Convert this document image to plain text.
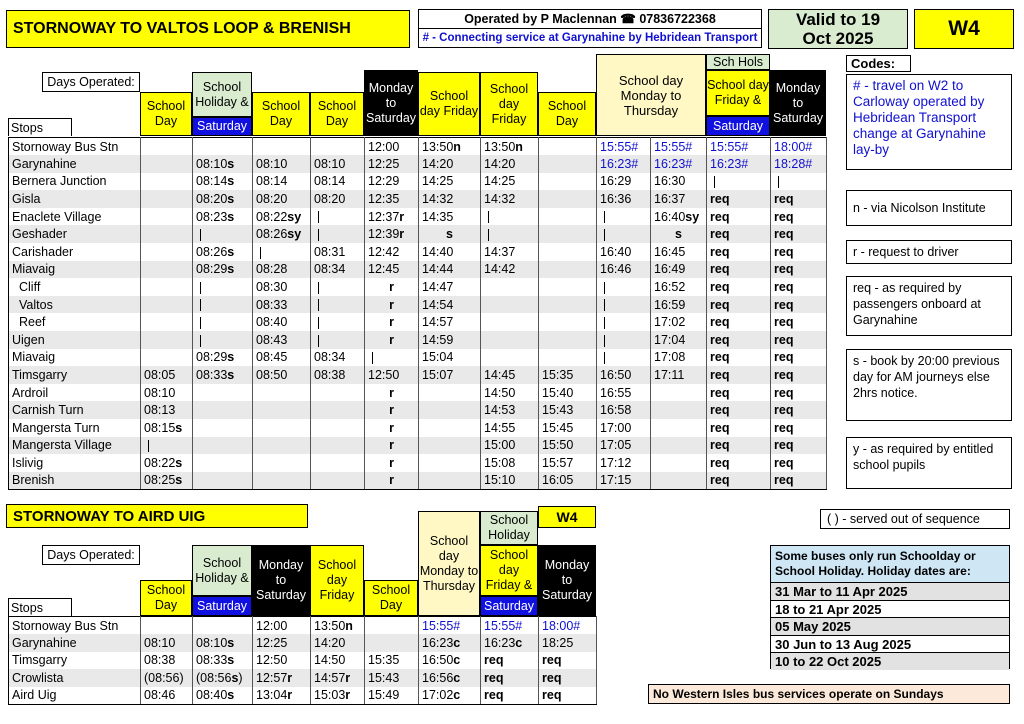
STORNOWAY TO VALTOS LOOP & BRENISH
Operated by P Maclennan ☎ 07836722368
# - Connecting service at Garynahine by Hebridean Transport
Valid to 19 Oct 2025	W4
Days Operated:
Stops
School Day
School Holiday &
Saturday
School Day
School Day
Monday to Saturday
School day Friday
School day Friday
School Day
School day Monday to Thursday
Sch Hols
School day Friday &
Saturday
Monday to Saturday
Stornoway Bus Stn					12:00	13:50n	13:50n		15:55#	15:55#	15:55#	18:00#
Garynahine		08:10s	08:10	08:10	12:25	14:20	14:20		16:23#	16:23#	16:23#	18:28#
Bernera Junction		08:14s	08:14	08:14	12:29	14:25	14:25		16:29	16:30		
Gisla		08:20s	08:20	08:20	12:35	14:32	14:32		16:36	16:37	req	req
Enaclete Village		08:23s	08:22sy		12:37r	14:35				16:40sy	req	req
Geshader			08:26sy		12:39r	s				s	req	req
Carishader		08:26s		08:31	12:42	14:40	14:37		16:40	16:45	req	req
Miavaig		08:29s	08:28	08:34	12:45	14:44	14:42		16:46	16:49	req	req
Cliff			08:30		r	14:47				16:52	req	req
Valtos			08:33		r	14:54				16:59	req	req
Reef			08:40		r	14:57				17:02	req	req
Uigen			08:43		r	14:59				17:04	req	req
Miavaig		08:29s	08:45	08:34		15:04				17:08	req	req
Timsgarry	08:05	08:33s	08:50	08:38	12:50	15:07	14:45	15:35	16:50	17:11	req	req
Ardroil	08:10				r		14:50	15:40	16:55		req	req
Carnish Turn	08:13				r		14:53	15:43	16:58		req	req
Mangersta Turn	08:15s				r		14:55	15:45	17:00		req	req
Mangersta Village					r		15:00	15:50	17:05		req	req
Islivig	08:22s				r		15:08	15:57	17:12		req	req
Brenish	08:25s				r		15:10	16:05	17:15		req	req
Codes:
# - travel on W2 to Carloway operated by Hebridean Transport change at Garynahine lay-by
n - via Nicolson Institute
r - request to driver
req - as required by passengers onboard at Garynahine
s - book by 20:00 previous day for AM journeys else 2hrs notice.
y - as required by entitled school pupils
( ) - served out of sequence
STORNOWAY TO AIRD UIG	W4
Days Operated:
Stops
School Day
School Holiday &
Saturday
Monday to Saturday
School day Friday	School Day
School day Monday to Thursday
School Holiday
School day Friday &
Saturday
Monday to Saturday
Stornoway Bus Stn			12:00	13:50n		15:55#	15:55#	18:00#
Garynahine	08:10	08:10s	12:25	14:20		16:23c	16:23c	18:25
Timsgarry	08:38	08:33s	12:50	14:50	15:35	16:50c	req	req
Crowlista	(08:56)	(08:56s)	12:57r	14:57r	15:43	16:56c	req	req
Aird Uig	08:46	08:40s	13:04r	15:03r	15:49	17:02c	req	req
Some buses only run Schoolday or School Holiday. Holiday dates are:
31 Mar to 11 Apr 2025
18 to 21 Apr 2025
05 May 2025
30 Jun to 13 Aug 2025
10 to 22 Oct 2025
No Western Isles bus services operate on Sundays
